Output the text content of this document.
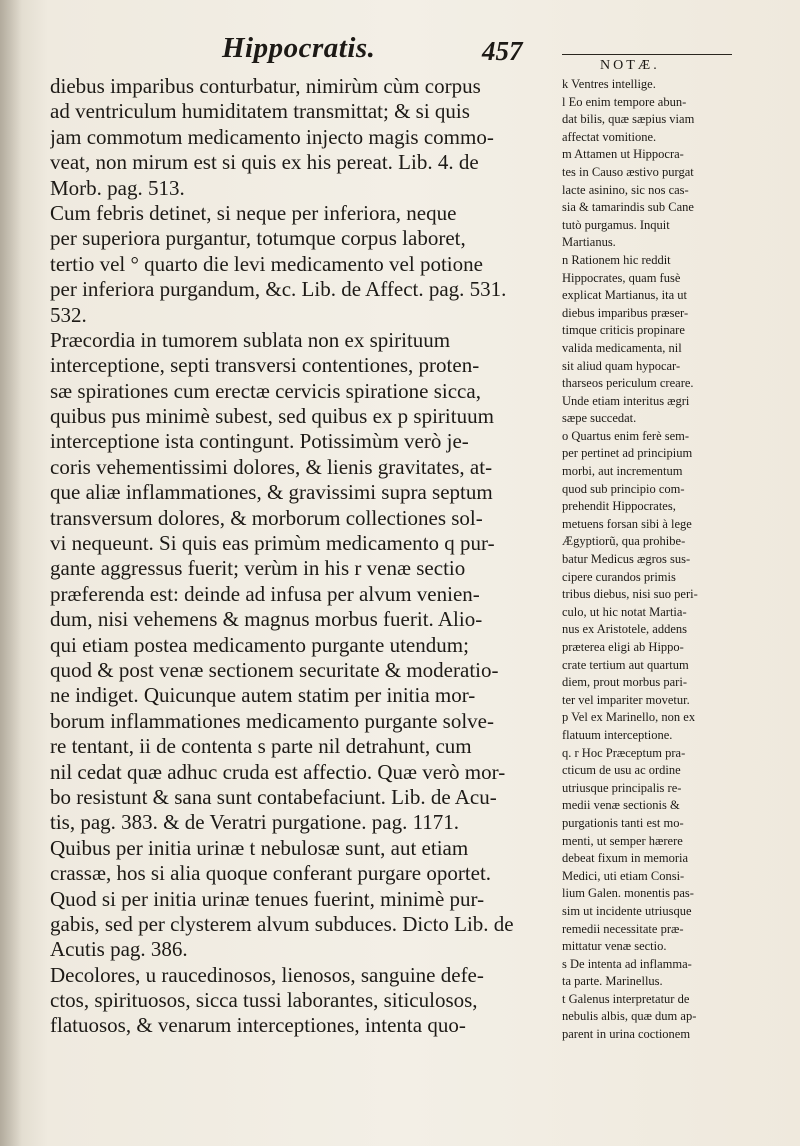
Hippocratis.	457	NOTÆ.
diebus imparibus conturbatur, nimirùm cùm corpus
ad ventriculum humiditatem transmittat; & si quis
jam commotum medicamento injecto magis commo-
veat, non mirum est si quis ex his pereat. Lib. 4. de
Morb. pag. 513.
Cum febris detinet, si neque per inferiora, neque
per superiora purgantur, totumque corpus laboret,
tertio vel ° quarto die levi medicamento vel potione
per inferiora purgandum, &c. Lib. de Affect. pag. 531.
532.
Præcordia in tumorem sublata non ex spirituum
interceptione, septi transversi contentiones, proten-
sæ spirationes cum erectæ cervicis spiratione sicca,
quibus pus minimè subest, sed quibus ex p spirituum
interceptione ista contingunt. Potissimùm verò je-
coris vehementissimi dolores, & lienis gravitates, at-
que aliæ inflammationes, & gravissimi supra septum
transversum dolores, & morborum collectiones sol-
vi nequeunt. Si quis eas primùm medicamento q pur-
gante aggressus fuerit; verùm in his r venæ sectio
præferenda est: deinde ad infusa per alvum venien-
dum, nisi vehemens & magnus morbus fuerit. Alio-
qui etiam postea medicamento purgante utendum;
quod & post venæ sectionem securitate & moderatio-
ne indiget. Quicunque autem statim per initia mor-
borum inflammationes medicamento purgante solve-
re tentant, ii de contenta s parte nil detrahunt, cum
nil cedat quæ adhuc cruda est affectio. Quæ verò mor-
bo resistunt & sana sunt contabefaciunt. Lib. de Acu-
tis, pag. 383. & de Veratri purgatione. pag. 1171.
Quibus per initia urinæ t nebulosæ sunt, aut etiam
crassæ, hos si alia quoque conferant purgare oportet.
Quod si per initia urinæ tenues fuerint, minimè pur-
gabis, sed per clysterem alvum subduces. Dicto Lib. de
Acutis pag. 386.
Decolores, u raucedinosos, lienosos, sanguine defe-
ctos, spirituosos, sicca tussi laborantes, siticulosos,
flatuosos, & venarum interceptiones, intenta quo-
k Ventres intellige.
l Eo enim tempore abun-
dat bilis, quæ sæpius viam
affectat vomitione.
m Attamen ut Hippocra-
tes in Causo æstivo purgat
lacte asinino, sic nos cas-
sia & tamarindis sub Cane
tutò purgamus. Inquit
Martianus.
n Rationem hic reddit
Hippocrates, quam fusè
explicat Martianus, ita ut
diebus imparibus præser-
timque criticis propinare
valida medicamenta, nil
sit aliud quam hypocar-
tharseos periculum creare.
Unde etiam interitus ægri
sæpe succedat.
o Quartus enim ferè sem-
per pertinet ad principium
morbi, aut incrementum
quod sub principio com-
prehendit Hippocrates,
metuens forsan sibi à lege
Ægyptiorũ, qua prohibe-
batur Medicus ægros sus-
cipere curandos primis
tribus diebus, nisi suo peri-
culo, ut hic notat Martia-
nus ex Aristotele, addens
præterea eligi ab Hippo-
crate tertium aut quartum
diem, prout morbus pari-
ter vel impariter movetur.
p Vel ex Marinello, non ex
flatuum interceptione.
q. r Hoc Præceptum pra-
cticum de usu ac ordine
utriusque principalis re-
medii venæ sectionis &
purgationis tanti est mo-
menti, ut semper hærere
debeat fixum in memoria
Medici, uti etiam Consi-
lium Galen. monentis pas-
sim ut incidente utriusque
remedii necessitate præ-
mittatur venæ sectio.
s De intenta ad inflamma-
ta parte. Marinellus.
t Galenus interpretatur de
nebulis albis, quæ dum ap-
parent in urina coctionem
